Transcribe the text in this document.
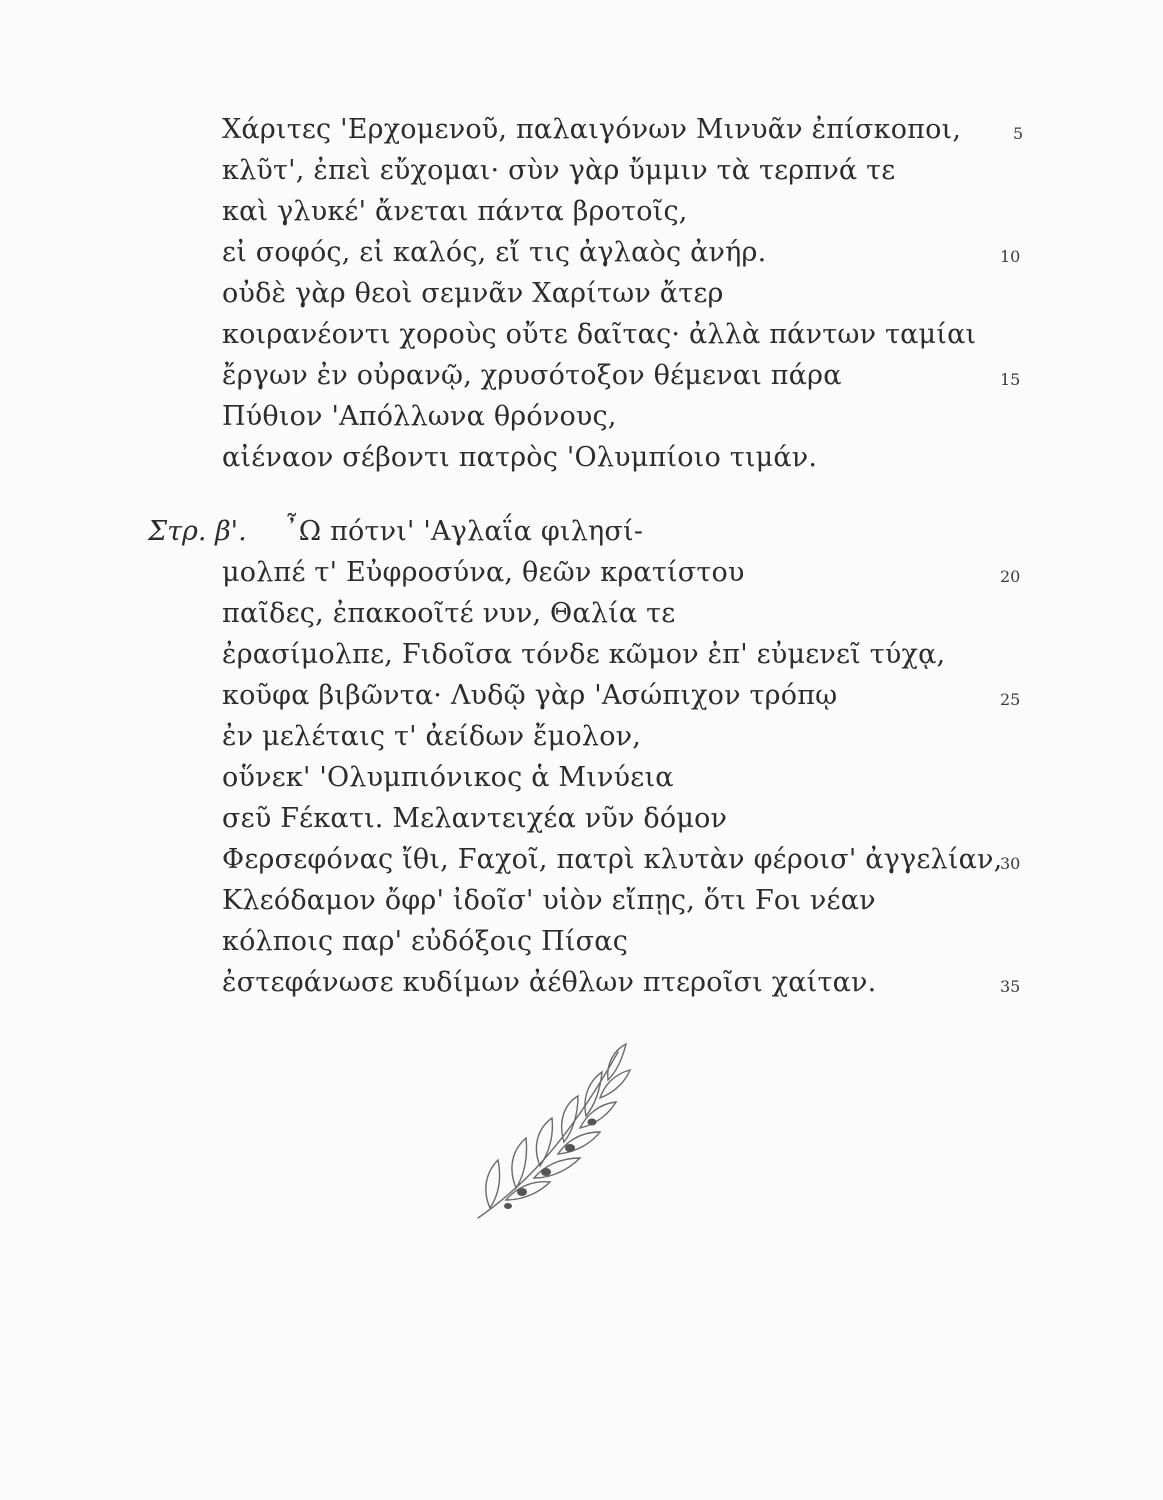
Χάριτες 'Ερχομενοῦ, παλαιγόνων Μινυᾶν ἐπίσκοποι,
κλῦτ', ἐπεὶ εὔχομαι· σὺν γὰρ ὔμμιν τὰ τερπνά τε
καὶ γλυκέ' ἄνεται πάντα βροτοῖς,
εἰ σοφός, εἰ καλός, εἴ τις ἀγλαὸς ἀνήρ.
οὐδὲ γὰρ θεοὶ σεμνᾶν Χαρίτων ἄτερ
κοιρανέοντι χοροὺς οὔτε δαῖτας· ἀλλὰ πάντων ταμίαι
ἔργων ἐν οὐρανῷ, χρυσότοξον θέμεναι πάρα
Πύθιον 'Απόλλωνα θρόνους,
αἰέναον σέβοντι πατρὸς 'Ολυμπίοιο τιμάν.
5
10
15
Στρ. β'. ῏Ω πότνι' 'Αγλαΐα φιλησί-
μολπέ τ' Εὐφροσύνα, θεῶν κρατίστου
παῖδες, ἐπακοοῖτέ νυν, Θαλία τε
ἐρασίμολπε, Ϝιδοῖσα τόνδε κῶμον ἐπ' εὐμενεῖ τύχᾳ,
κοῦφα βιβῶντα· Λυδῷ γὰρ 'Ασώπιχον τρόπῳ
ἐν μελέταις τ' ἀείδων ἔμολον,
οὕνεκ' 'Ολυμπιόνικος ἁ Μινύεια
σεῦ Ϝέκατι. Μελαντειχέα νῦν δόμον
Φερσεφόνας ἴθι, Ϝαχοῖ, πατρὶ κλυτὰν φέροισ' ἀγγελίαν,
Κλεόδαμον ὄφρ' ἰδοῖσ' υἱὸν εἴπῃς, ὅτι Ϝοι νέαν
κόλποις παρ' εὐδόξοις Πίσας
ἐστεφάνωσε κυδίμων ἀέθλων πτεροῖσι χαίταν.
20
25
30
35
